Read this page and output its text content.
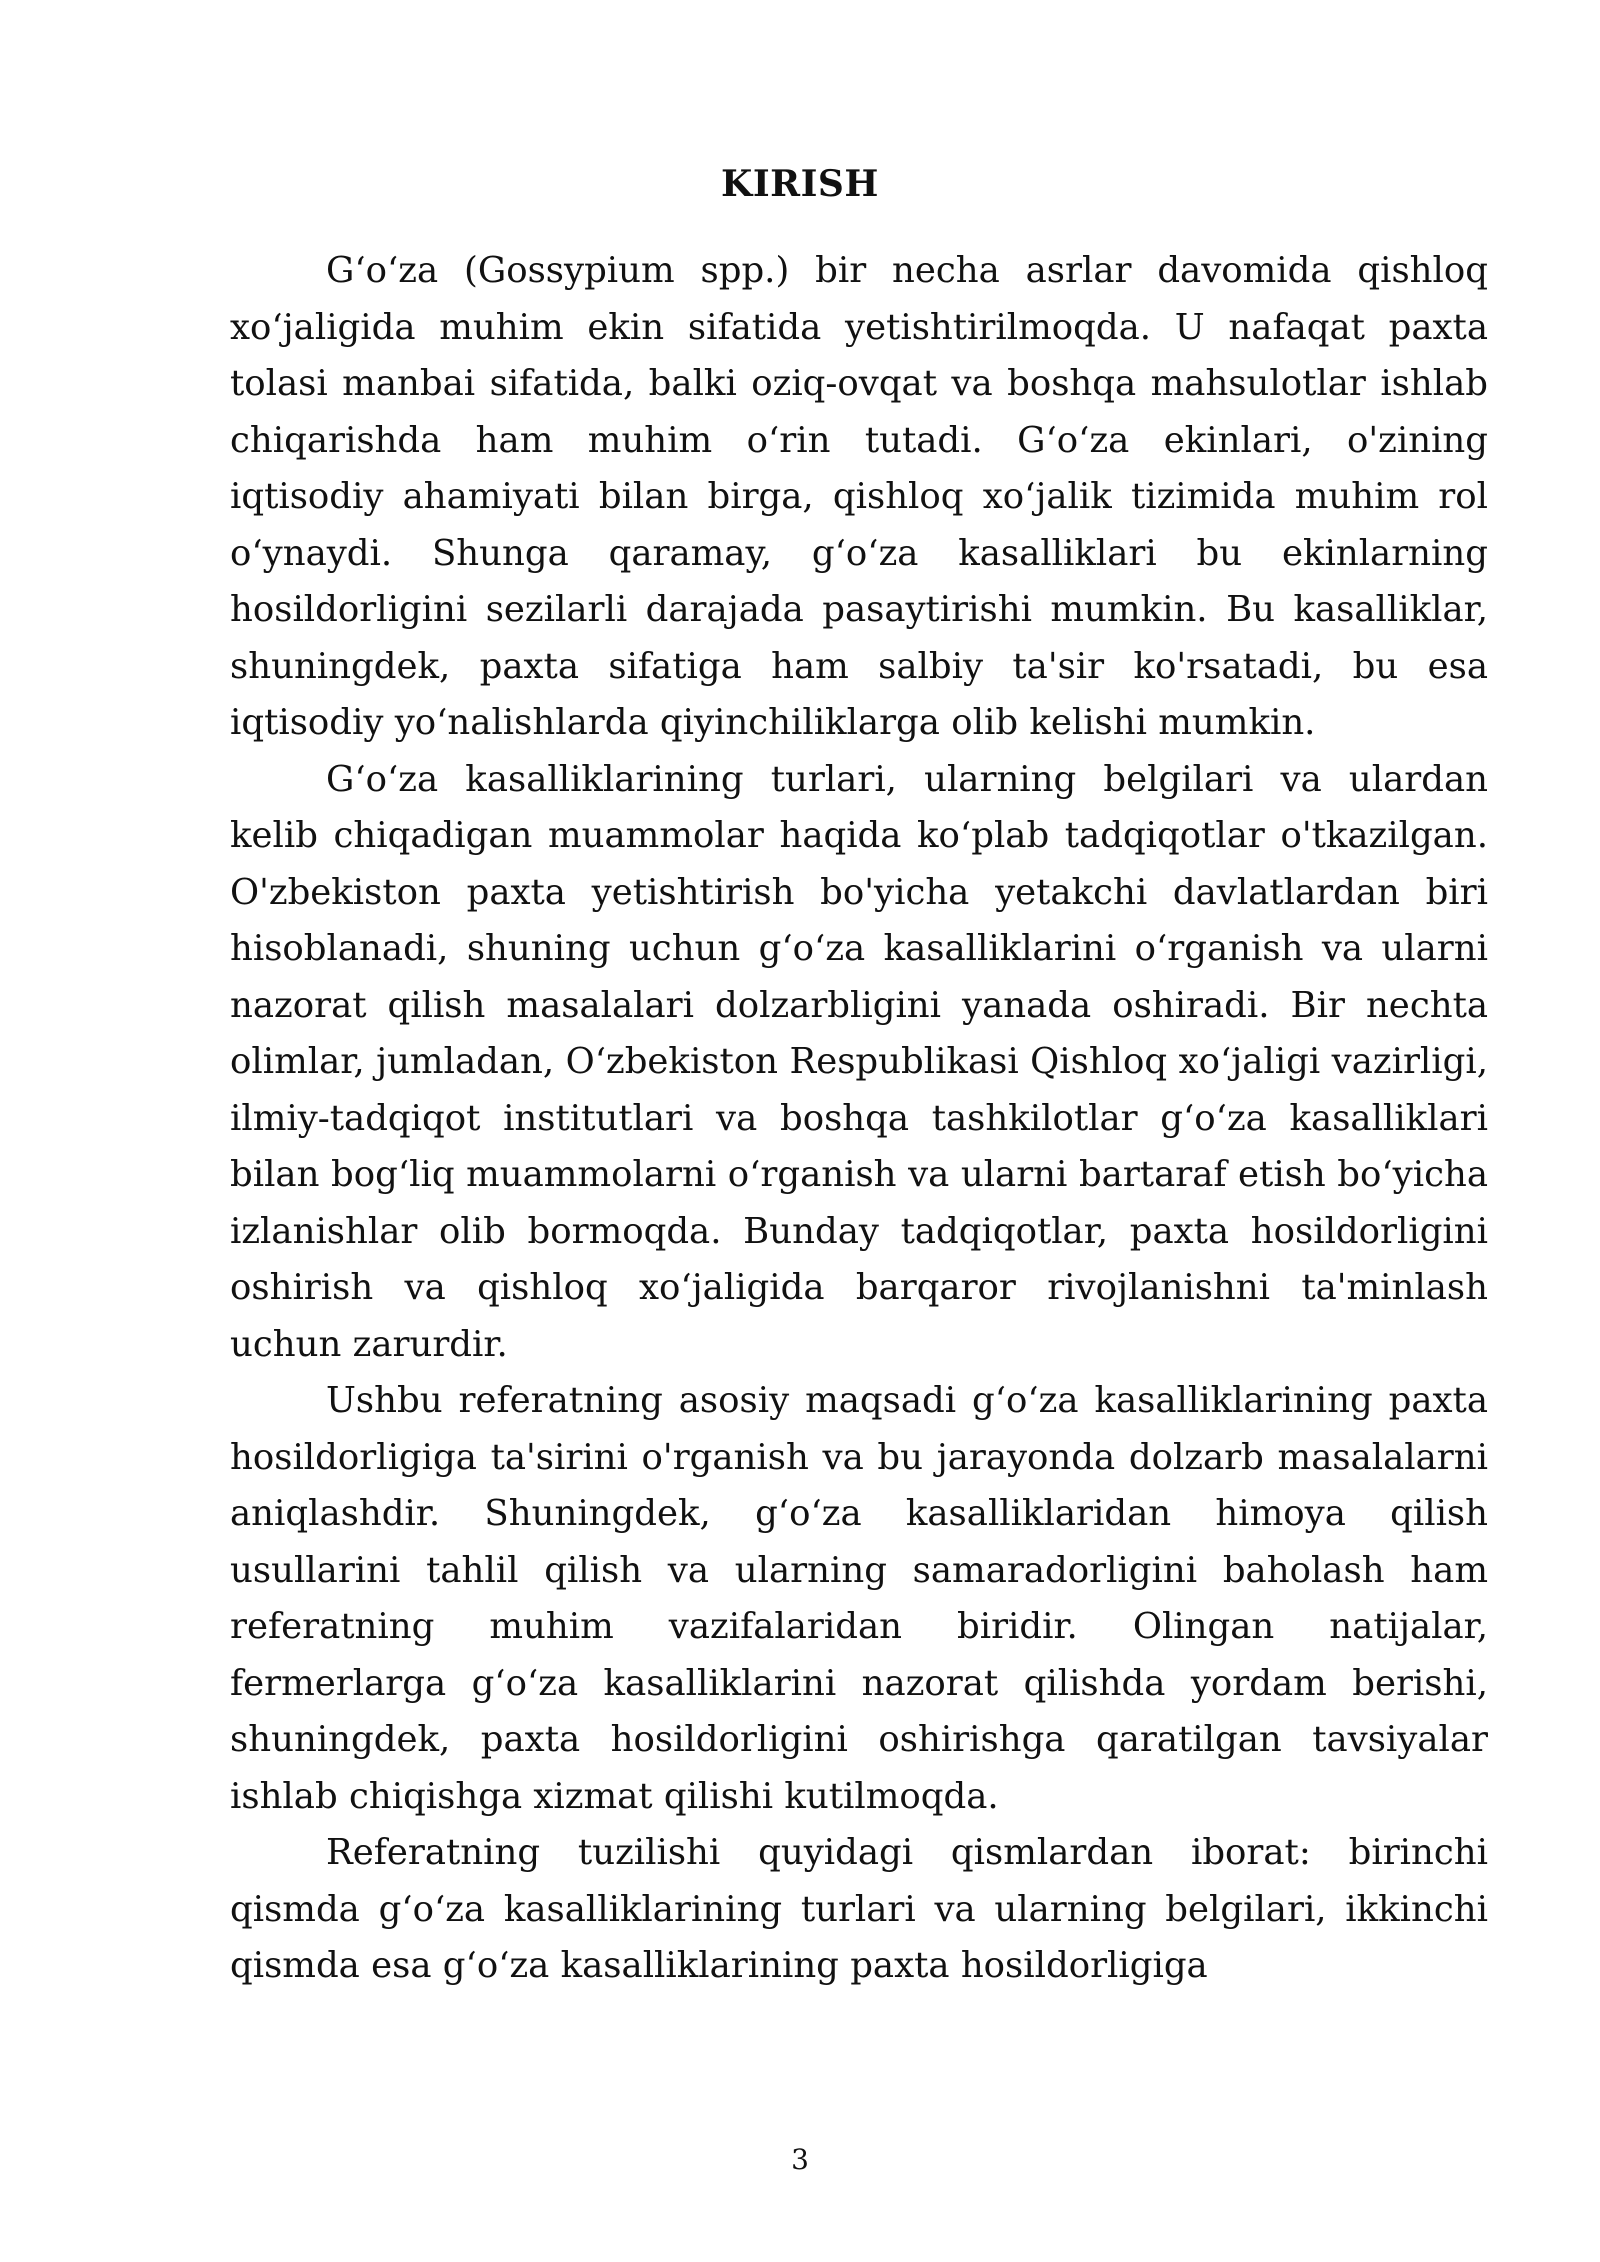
KIRISH

G‘o‘za (Gossypium spp.) bir necha asrlar davomida qishloq xo‘jaligida muhim ekin sifatida yetishtirilmoqda. U nafaqat paxta tolasi manbai sifatida, balki oziq-ovqat va boshqa mahsulotlar ishlab chiqarishda ham muhim o‘rin tutadi. G‘o‘za ekinlari, o'zining iqtisodiy ahamiyati bilan birga, qishloq xo‘jalik tizimida muhim rol o‘ynaydi. Shunga qaramay, g‘o‘za kasalliklari bu ekinlarning hosildorligini sezilarli darajada pasaytirishi mumkin. Bu kasalliklar, shuningdek, paxta sifatiga ham salbiy ta'sir ko'rsatadi, bu esa iqtisodiy yo‘nalishlarda qiyinchiliklarga olib kelishi mumkin.

G‘o‘za kasalliklarining turlari, ularning belgilari va ulardan kelib chiqadigan muammolar haqida ko‘plab tadqiqotlar o'tkazilgan. O'zbekiston paxta yetishtirish bo'yicha yetakchi davlatlardan biri hisoblanadi, shuning uchun g‘o‘za kasalliklarini o‘rganish va ularni nazorat qilish masalalari dolzarbligini yanada oshiradi. Bir nechta olimlar, jumladan, O‘zbekiston Respublikasi Qishloq xo‘jaligi vazirligi, ilmiy-tadqiqot institutlari va boshqa tashkilotlar g‘o‘za kasalliklari bilan bog‘liq muammolarni o‘rganish va ularni bartaraf etish bo‘yicha izlanishlar olib bormoqda. Bunday tadqiqotlar, paxta hosildorligini oshirish va qishloq xo‘jaligida barqaror rivojlanishni ta'minlash uchun zarurdir.

Ushbu referatning asosiy maqsadi g‘o‘za kasalliklarining paxta hosildorligiga ta'sirini o'rganish va bu jarayonda dolzarb masalalarni aniqlashdir. Shuningdek, g‘o‘za kasalliklaridan himoya qilish usullarini tahlil qilish va ularning samaradorligini baholash ham referatning muhim vazifalaridan biridir. Olingan natijalar, fermerlarga g‘o‘za kasalliklarini nazorat qilishda yordam berishi, shuningdek, paxta hosildorligini oshirishga qaratilgan tavsiyalar ishlab chiqishga xizmat qilishi kutilmoqda.

Referatning tuzilishi quyidagi qismlardan iborat: birinchi qismda g‘o‘za kasalliklarining turlari va ularning belgilari, ikkinchi qismda esa g‘o‘za kasalliklarining paxta hosildorligiga

3
